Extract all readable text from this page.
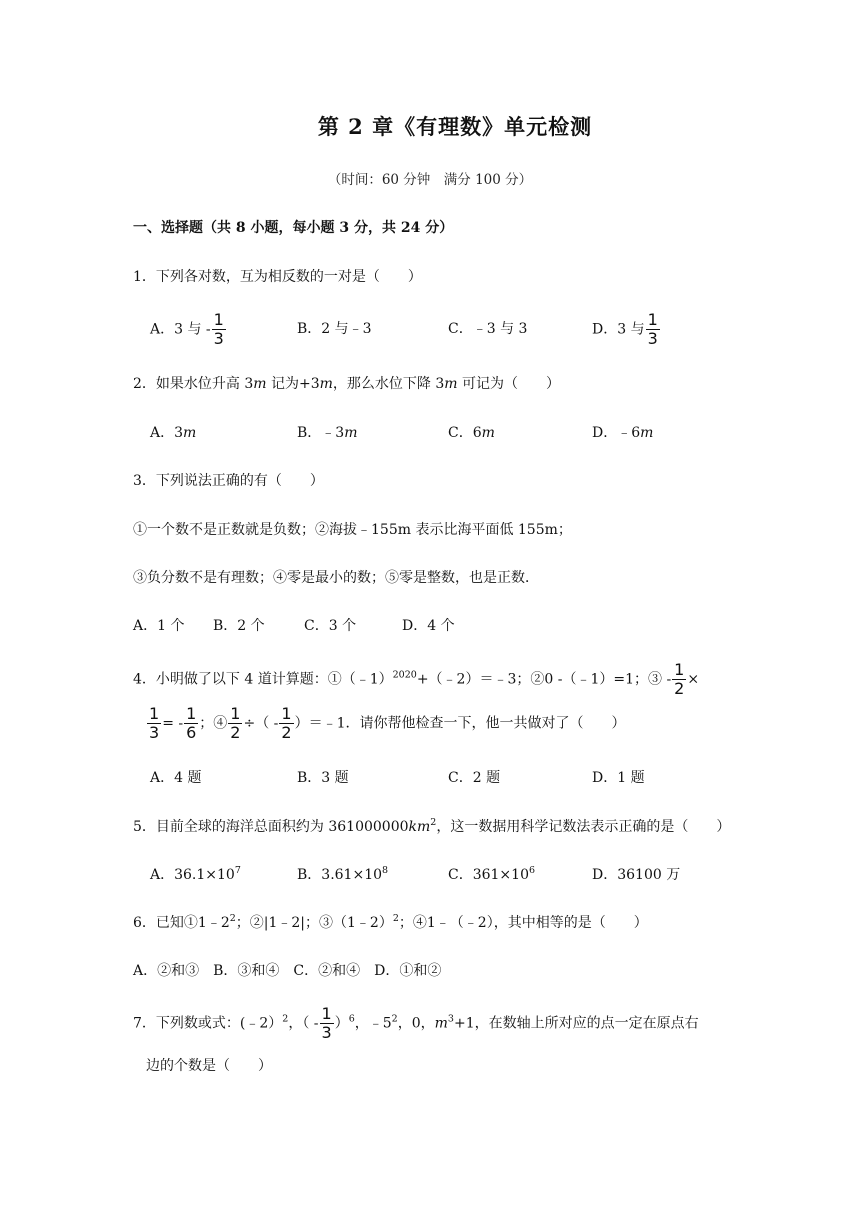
第 2 章《有理数》单元检测
（时间：60 分钟　满分 100 分）
一、选择题（共 8 小题，每小题 3 分，共 24 分）
1．下列各对数，互为相反数的一对是（　　）
A．3 与 - $\frac{1}{3}$	B．2 与﹣3	C．﹣3 与 3	D．3 与 $\frac{1}{3}$
2．如果水位升高 3m 记为+3m，那么水位下降 3m 可记为（　　）
A．3m	B．﹣3m	C．6m	D．﹣6m
3．下列说法正确的有（　　）
①一个数不是正数就是负数；②海拔﹣155m 表示比海平面低 155m；
③负分数不是有理数；④零是最小的数；⑤零是整数，也是正数．
A．1 个 B．2 个	C．3 个	D．4 个
4．小明做了以下 4 道计算题：①（﹣1）$^{2020}$+（﹣2）＝﹣3；②0 -（﹣1）=1；③ - $\frac{1}{2}$ ×
$\frac{1}{3}$ = - $\frac{1}{6}$ ；④ $\frac{1}{2}$ ÷（ - $\frac{1}{2}$ ）＝﹣1．请你帮他检查一下，他一共做对了（　　）
A．4 题	B．3 题	C．2 题	D．1 题
5．目前全球的海洋总面积约为 $361000000km^2$，这一数据用科学记数法表示正确的是（　　）
A．$36.1\times 10^7$	B．$3.61\times 10^8$	C．$361\times 10^6$	D．36100 万
6．已知$①1﹣2^2$；②|1﹣2|；③（1﹣2）$^2$；④1﹣（﹣2），其中相等的是（　　）
A．②和③　B．③和④　C．②和④　D．①和②
7．下列数或式：(﹣2）$^2$，（ - $\frac{1}{3} )^6$，$﹣5^2$，0，$m^3+1$，在数轴上所对应的点一定在原点右
边的个数是（　　）
